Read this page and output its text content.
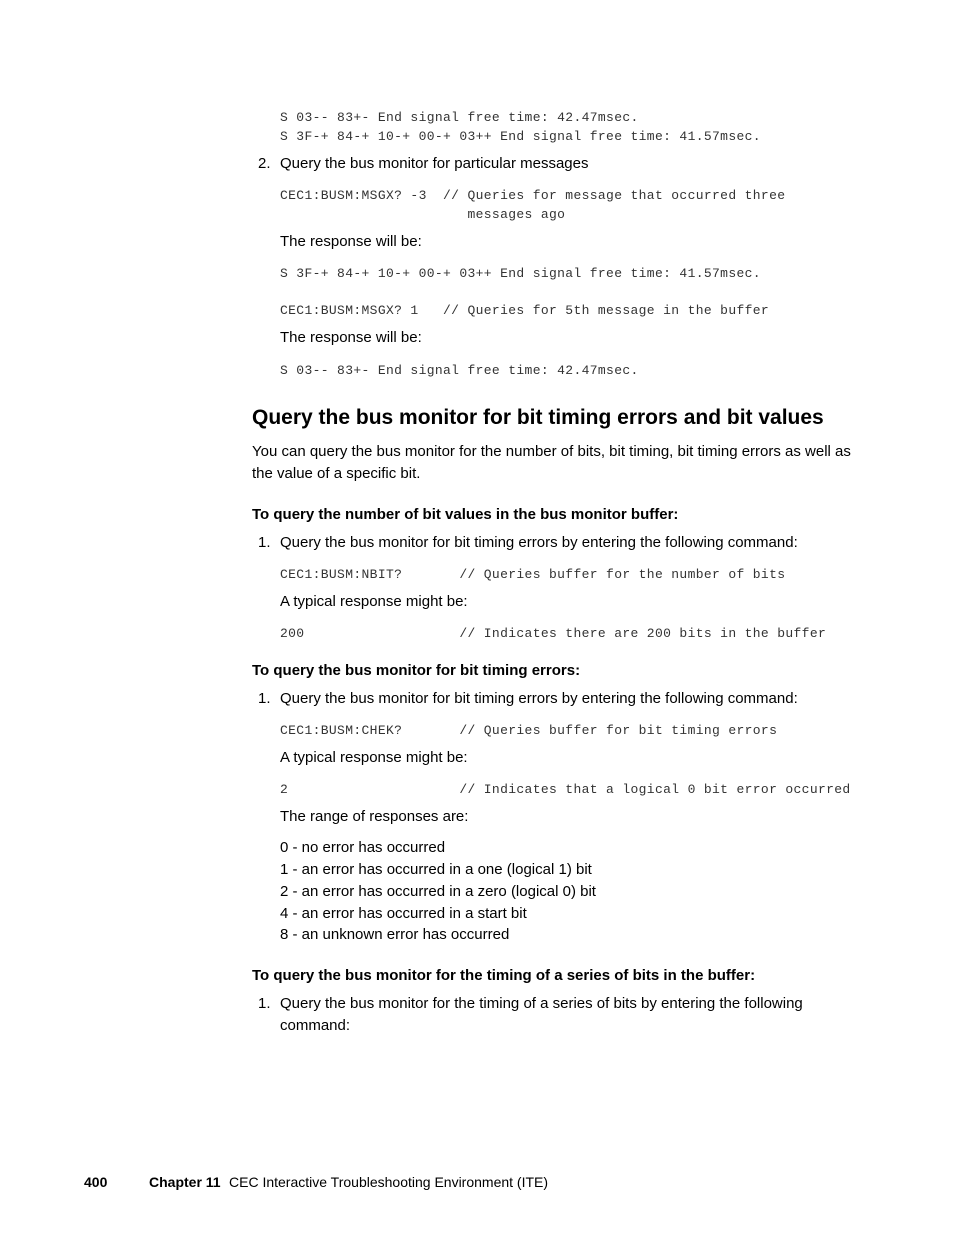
S 03-- 83+- End signal free time: 42.47msec.
S 3F-+ 84-+ 10-+ 00-+ 03++ End signal free time: 41.57msec.
2. Query the bus monitor for particular messages
CEC1:BUSM:MSGX? -3  // Queries for message that occurred three
messages ago
The response will be:
S 3F-+ 84-+ 10-+ 00-+ 03++ End signal free time: 41.57msec.
CEC1:BUSM:MSGX? 1   // Queries for 5th message in the buffer
The response will be:
S 03-- 83+- End signal free time: 42.47msec.
Query the bus monitor for bit timing errors and bit values
You can query the bus monitor for the number of bits, bit timing, bit timing errors as well as
the value of a specific bit.
To query the number of bit values in the bus monitor buffer:
1. Query the bus monitor for bit timing errors by entering the following command:
CEC1:BUSM:NBIT?       // Queries buffer for the number of bits
A typical response might be:
200                   // Indicates there are 200 bits in the buffer
To query the bus monitor for bit timing errors:
1. Query the bus monitor for bit timing errors by entering the following command:
CEC1:BUSM:CHEK?       // Queries buffer for bit timing errors
A typical response might be:
2                     // Indicates that a logical 0 bit error occurred
The range of responses are:
0 - no error has occurred
1 - an error has occurred in a one (logical 1) bit
2 - an error has occurred in a zero (logical 0) bit
4 - an error has occurred in a start bit
8 - an unknown error has occurred
To query the bus monitor for the timing of a series of bits in the buffer:
1. Query the bus monitor for the timing of a series of bits by entering the following
command:
400	Chapter 11 CEC Interactive Troubleshooting Environment (ITE)
